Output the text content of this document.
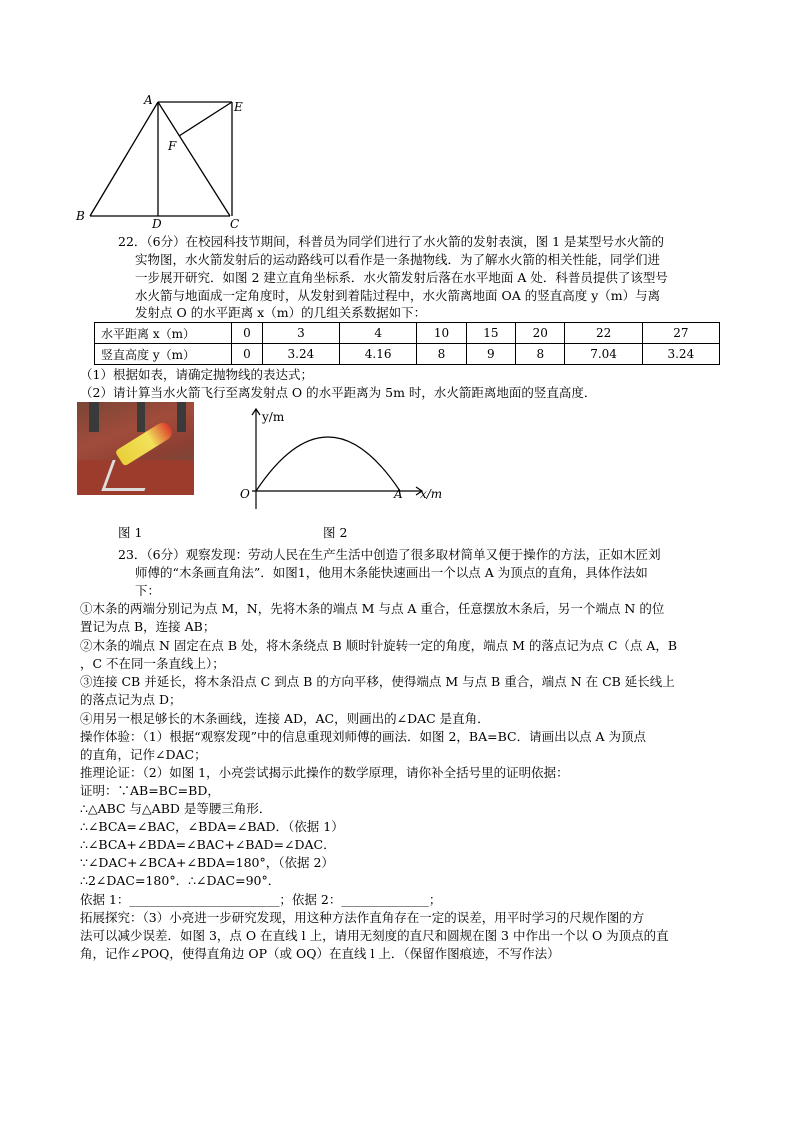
A	E
F
B
D	C
22．（6分）在校园科技节期间，科普员为同学们进行了水火箭的发射表演，图 1 是某型号水火箭的
实物图，水火箭发射后的运动路线可以看作是一条抛物线．为了解水火箭的相关性能，同学们进
一步展开研究．如图 2 建立直角坐标系．水火箭发射后落在水平地面 A 处．科普员提供了该型号
水火箭与地面成一定角度时，从发射到着陆过程中，水火箭离地面 OA 的竖直高度 y（m）与离
发射点 O 的水平距离 x（m）的几组关系数据如下：
水平距离 x（m）	0	3	4	10	15	20	22	27
竖直高度 y（m）	0	3.24	4.16	8	9	8	7.04	3.24
（1）根据如表，请确定抛物线的表达式；
（2）请计算当水火箭飞行至离发射点 O 的水平距离为 5m 时，水火箭距离地面的竖直高度．
y/m
x/m
O	A
图 1	图 2
23．（6分）观察发现：劳动人民在生产生活中创造了很多取材简单又便于操作的方法，正如木匠刘
师傅的“木条画直角法”．如图1，他用木条能快速画出一个以点 A 为顶点的直角，具体作法如
下：
①木条的两端分别记为点 M，N，先将木条的端点 M 与点 A 重合，任意摆放木条后，另一个端点 N 的位
置记为点 B，连接 AB；
②木条的端点 N 固定在点 B 处，将木条绕点 B 顺时针旋转一定的角度，端点 M 的落点记为点 C（点 A，B
，C 不在同一条直线上）；
③连接 CB 并延长，将木条沿点 C 到点 B 的方向平移，使得端点 M 与点 B 重合，端点 N 在 CB 延长线上
的落点记为点 D；
④用另一根足够长的木条画线，连接 AD，AC，则画出的∠DAC 是直角．
操作体验：（1）根据“观察发现”中的信息重现刘师傅的画法．如图 2，BA=BC．请画出以点 A 为顶点
的直角，记作∠DAC；
推理论证：（2）如图 1，小亮尝试揭示此操作的数学原理，请你补全括号里的证明依据：
证明：∵AB=BC=BD，
∴△ABC 与△ABD 是等腰三角形．
∴∠BCA=∠BAC，∠BDA=∠BAD．（依据 1）
∴∠BCA+∠BDA=∠BAC+∠BAD=∠DAC．
∵∠DAC+∠BCA+∠BDA=180°，（依据 2）
∴2∠DAC=180°．∴∠DAC=90°．
依据 1：________________________；依据 2：______________；
拓展探究：（3）小亮进一步研究发现，用这种方法作直角存在一定的误差，用平时学习的尺规作图的方
法可以减少误差．如图 3，点 O 在直线 l 上，请用无刻度的直尺和圆规在图 3 中作出一个以 O 为顶点的直
角，记作∠POQ，使得直角边 OP（或 OQ）在直线 l 上．（保留作图痕迹，不写作法）
